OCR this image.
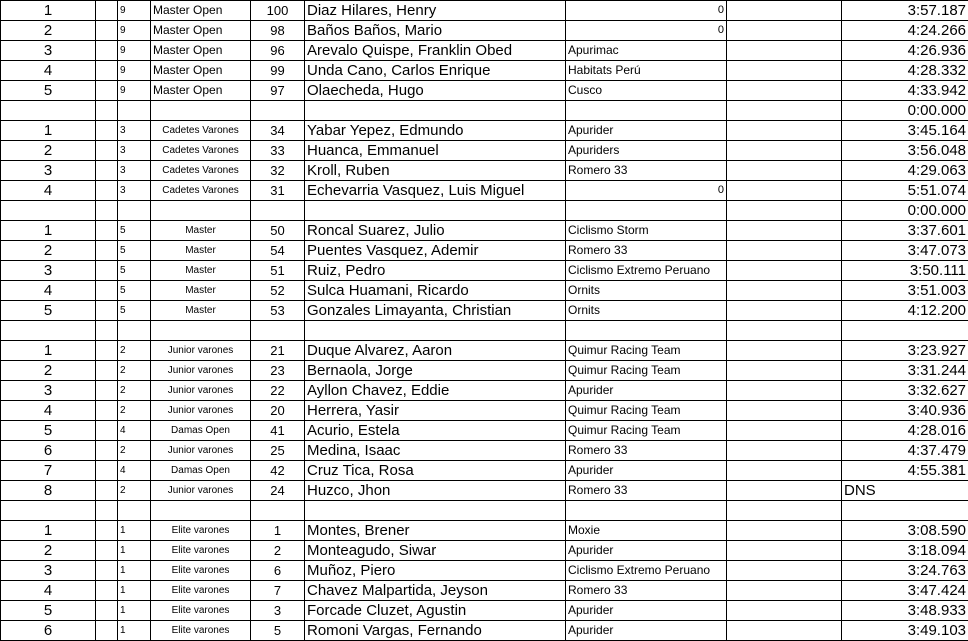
1		9	Master Open	100	Diaz Hilares, Henry	0		3:57.187
2		9	Master Open	98	Baños Baños, Mario	0		4:24.266
3		9	Master Open	96	Arevalo Quispe, Franklin Obed	Apurimac		4:26.936
4		9	Master Open	99	Unda Cano, Carlos Enrique	Habitats Perú		4:28.332
5		9	Master Open	97	Olaecheda, Hugo	Cusco		4:33.942
								0:00.000
1		3	Cadetes Varones	34	Yabar Yepez, Edmundo	Apurider		3:45.164
2		3	Cadetes Varones	33	Huanca, Emmanuel	Apuriders		3:56.048
3		3	Cadetes Varones	32	Kroll, Ruben	Romero 33		4:29.063
4		3	Cadetes Varones	31	Echevarria Vasquez, Luis Miguel	0		5:51.074
								0:00.000
1		5	Master	50	Roncal Suarez, Julio	Ciclismo Storm		3:37.601
2		5	Master	54	Puentes Vasquez, Ademir	Romero 33		3:47.073
3		5	Master	51	Ruiz, Pedro	Ciclismo Extremo Peruano		3:50.111
4		5	Master	52	Sulca Huamani, Ricardo	Ornits		3:51.003
5		5	Master	53	Gonzales Limayanta, Christian	Ornits		4:12.200

1		2	Junior varones	21	Duque Alvarez, Aaron	Quimur Racing Team		3:23.927
2		2	Junior varones	23	Bernaola, Jorge	Quimur Racing Team		3:31.244
3		2	Junior varones	22	Ayllon Chavez, Eddie	Apurider		3:32.627
4		2	Junior varones	20	Herrera, Yasir	Quimur Racing Team		3:40.936
5		4	Damas Open	41	Acurio, Estela	Quimur Racing Team		4:28.016
6		2	Junior varones	25	Medina, Isaac	Romero 33		4:37.479
7		4	Damas Open	42	Cruz Tica, Rosa	Apurider		4:55.381
8		2	Junior varones	24	Huzco, Jhon	Romero 33		DNS

1		1	Elite varones	1	Montes, Brener	Moxie		3:08.590
2		1	Elite varones	2	Monteagudo, Siwar	Apurider		3:18.094
3		1	Elite varones	6	Muñoz, Piero	Ciclismo Extremo Peruano		3:24.763
4		1	Elite varones	7	Chavez Malpartida, Jeyson	Romero 33		3:47.424
5		1	Elite varones	3	Forcade Cluzet, Agustin	Apurider		3:48.933
6		1	Elite varones	5	Romoni Vargas, Fernando	Apurider		3:49.103
